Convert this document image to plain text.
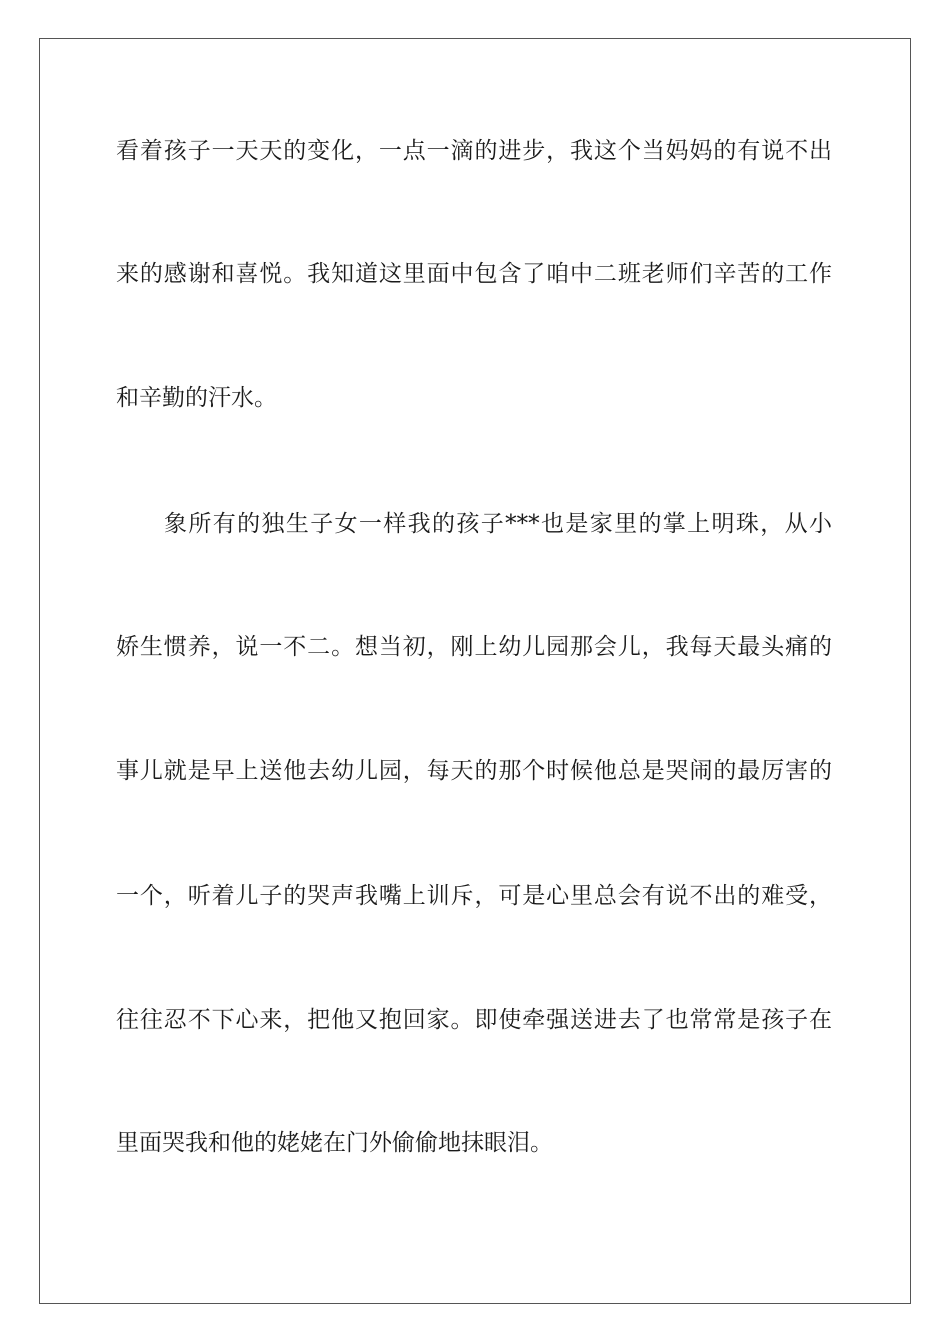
看着孩子一天天的变化，一点一滴的进步，我这个当妈妈的有说不出
来的感谢和喜悦。我知道这里面中包含了咱中二班老师们辛苦的工作
和辛勤的汗水。
象所有的独生子女一样我的孩子***也是家里的掌上明珠，从小
娇生惯养，说一不二。想当初，刚上幼儿园那会儿，我每天最头痛的
事儿就是早上送他去幼儿园，每天的那个时候他总是哭闹的最厉害的
一个，听着儿子的哭声我嘴上训斥，可是心里总会有说不出的难受，
往往忍不下心来，把他又抱回家。即使牵强送进去了也常常是孩子在
里面哭我和他的姥姥在门外偷偷地抹眼泪。
